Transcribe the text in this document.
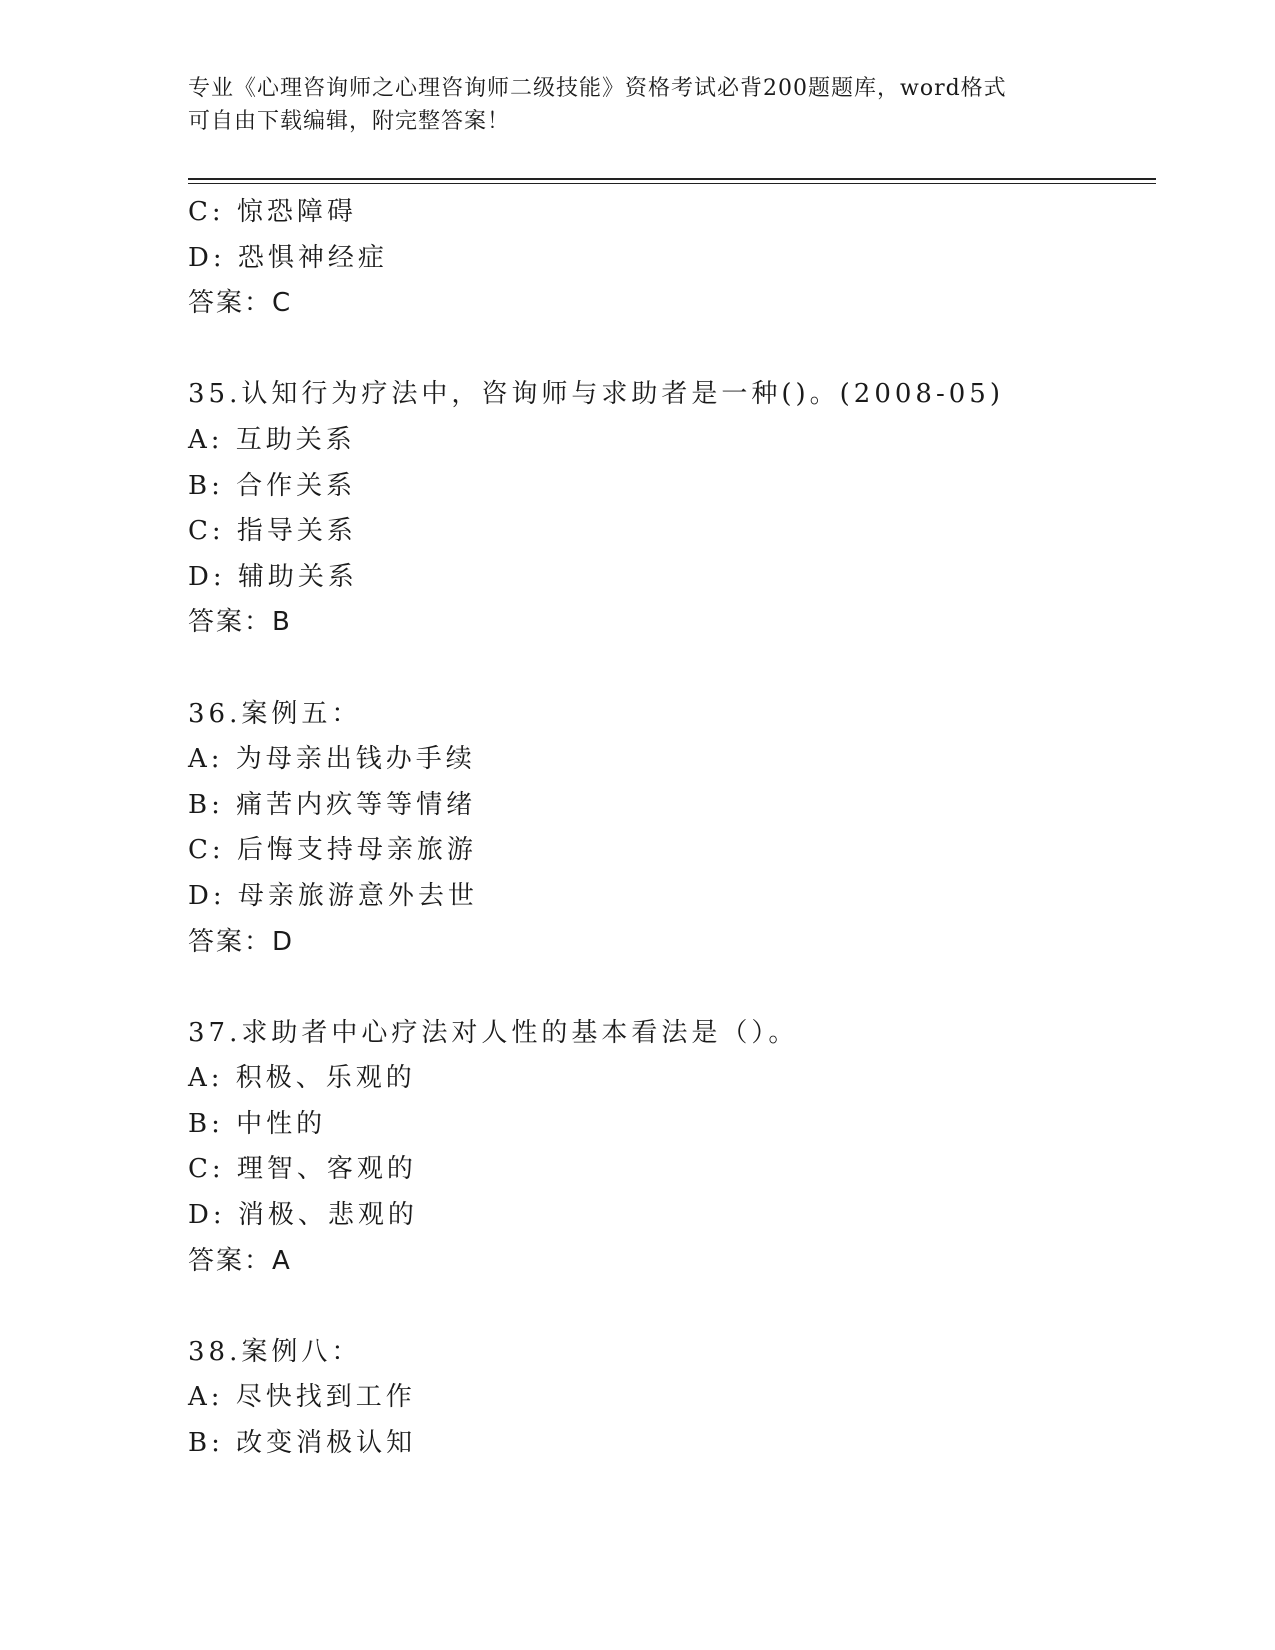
专业《心理咨询师之心理咨询师二级技能》资格考试必背200题题库，word格式
可自由下载编辑，附完整答案！
C: 惊恐障碍
D: 恐惧神经症
答案：C
35.认知行为疗法中，咨询师与求助者是一种()。(2008-05)
A: 互助关系
B: 合作关系
C: 指导关系
D: 辅助关系
答案：B
36.案例五：
A: 为母亲出钱办手续
B: 痛苦内疚等等情绪
C: 后悔支持母亲旅游
D: 母亲旅游意外去世
答案：D
37.求助者中心疗法对人性的基本看法是（）。
A: 积极、乐观的
B: 中性的
C: 理智、客观的
D: 消极、悲观的
答案：A
38.案例八：
A: 尽快找到工作
B: 改变消极认知
